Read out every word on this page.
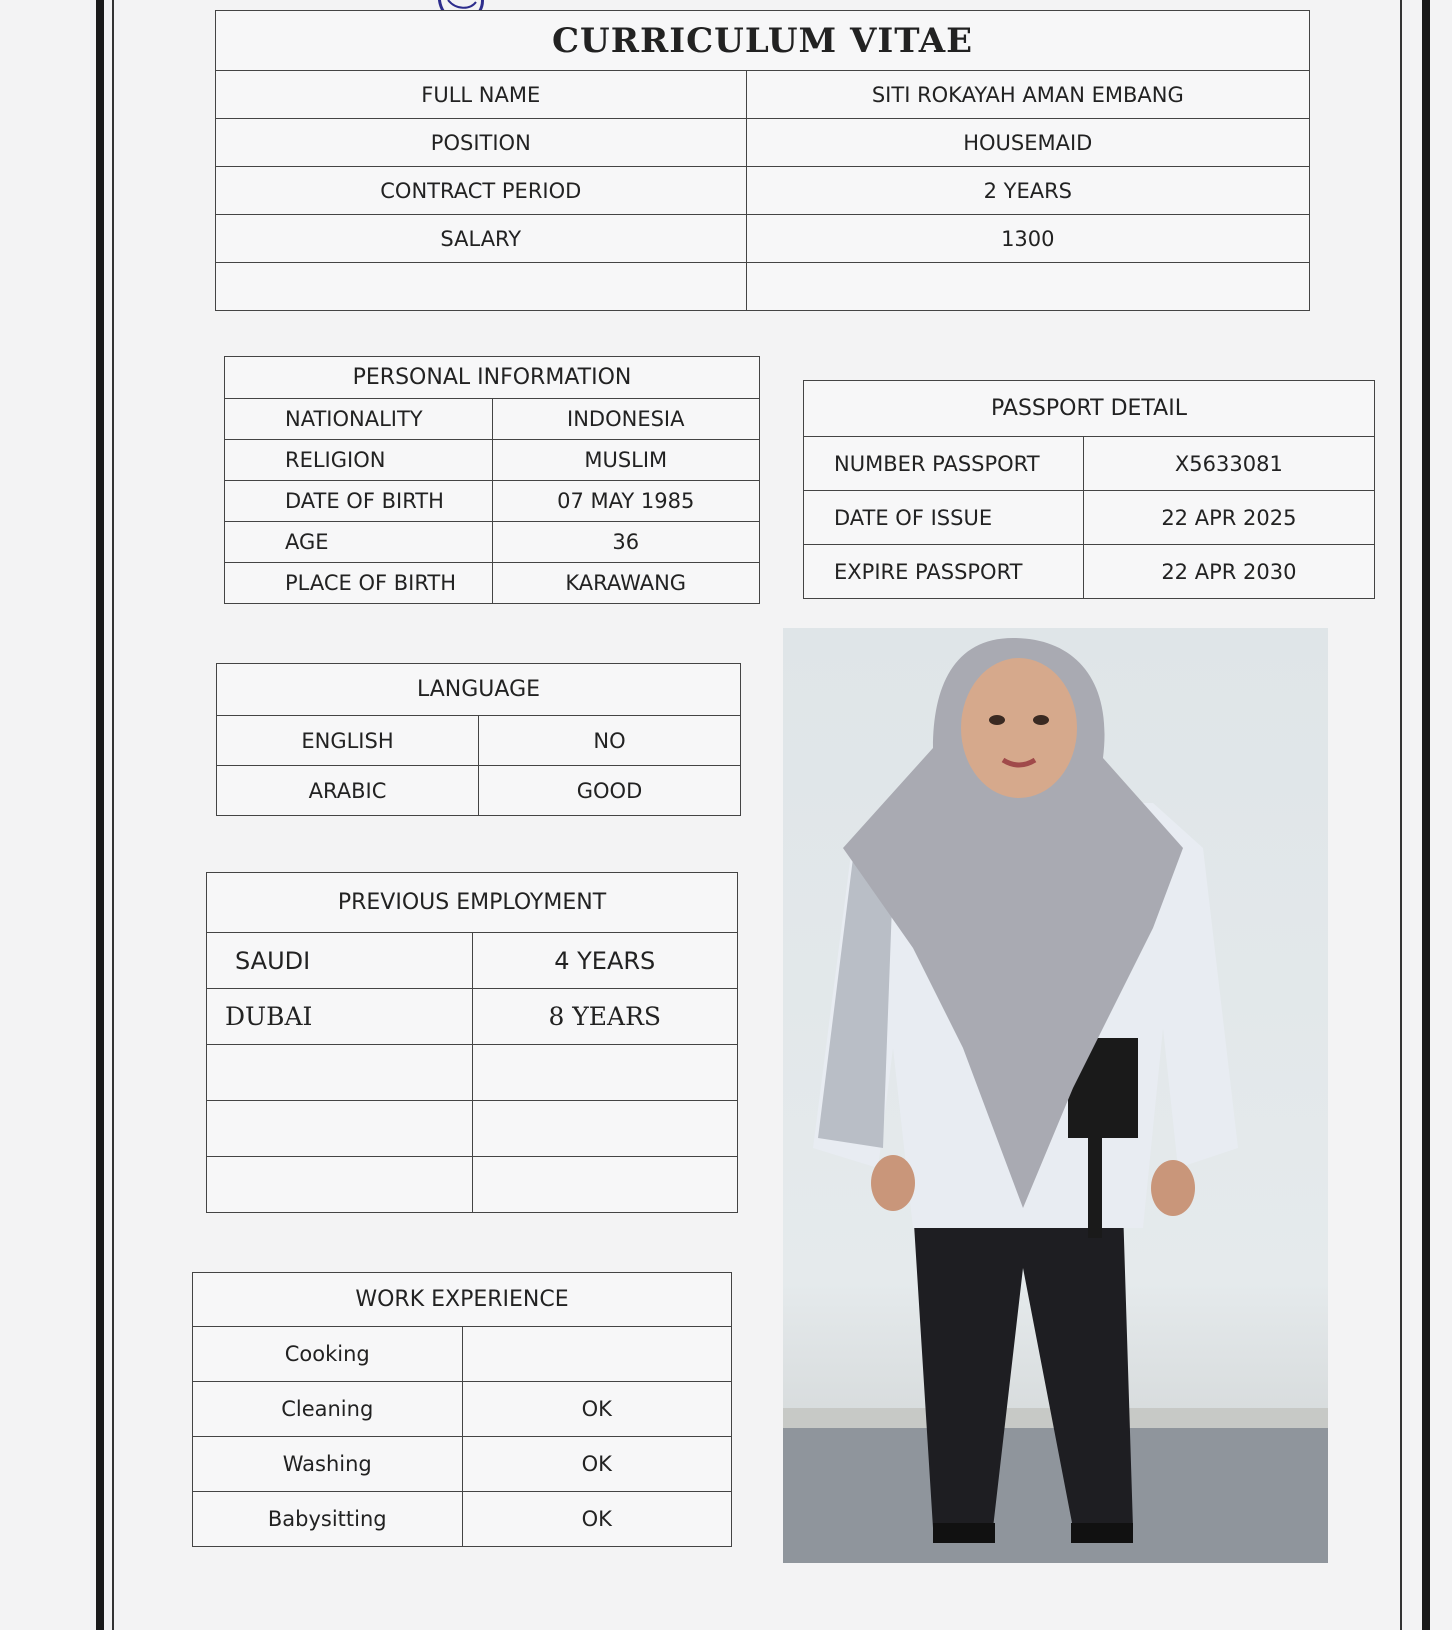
CURRICULUM VITAE	
FULL NAME	SITI ROKAYAH AMAN EMBANG
POSITION	HOUSEMAID
CONTRACT PERIOD	2 YEARS
SALARY	1300

PERSONAL INFORMATION	
NATIONALITY	INDONESIA
RELIGION	MUSLIM
DATE OF BIRTH	07 MAY 1985
AGE	36
PLACE OF BIRTH	KARAWANG
PASSPORT DETAIL	
NUMBER PASSPORT	X5633081
DATE OF ISSUE	22 APR 2025
EXPIRE PASSPORT	22 APR 2030
LANGUAGE	
ENGLISH	NO
ARABIC	GOOD
PREVIOUS EMPLOYMENT	
SAUDI	4 YEARS
DUBAI	8 YEARS

WORK EXPERIENCE	
Cooking	
Cleaning	OK
Washing	OK
Babysitting	OK
